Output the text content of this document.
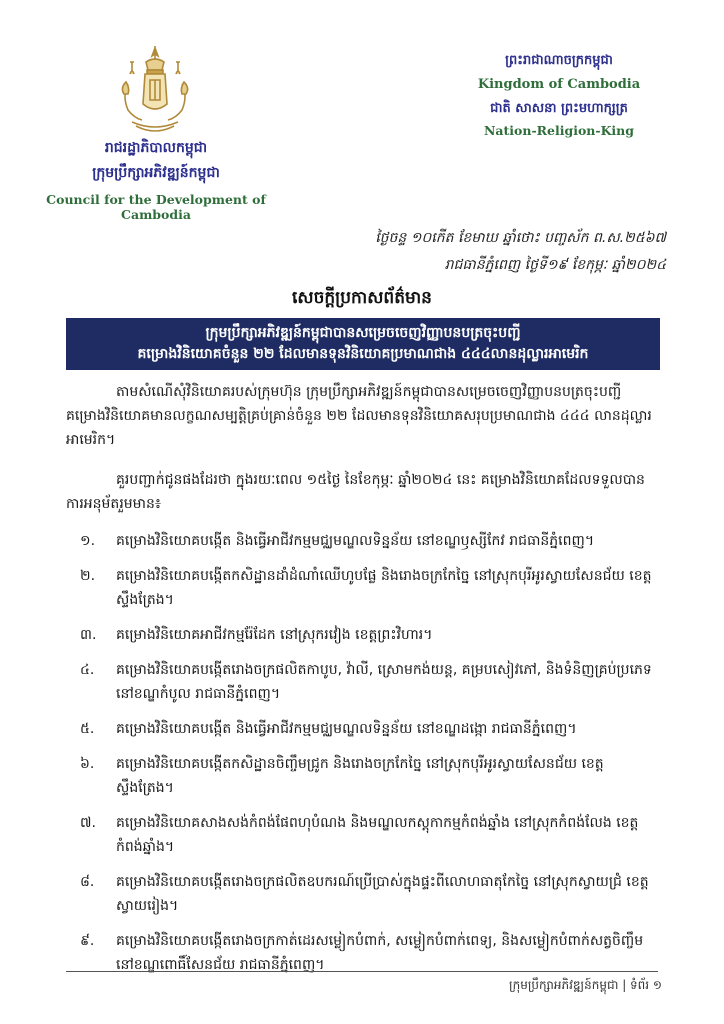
រាជរដ្ឋាភិបាលកម្ពុជា
ក្រុមប្រឹក្សាអភិវឌ្ឍន៍កម្ពុជា
Council for the Development of Cambodia
ព្រះរាជាណាចក្រកម្ពុជា
Kingdom of Cambodia
ជាតិ សាសនា ព្រះមហាក្សត្រ
Nation-Religion-King
ថ្ងៃចន្ទ ១០កើត ខែមាឃ ឆ្នាំថោះ បញ្ចស័ក ព.ស.២៥៦៧
រាជធានីភ្នំពេញ ថ្ងៃទី១៩ ខែកុម្ភៈ ឆ្នាំ២០២៤
សេចក្តីប្រកាសព័ត៌មាន
ក្រុមប្រឹក្សាអភិវឌ្ឍន៍កម្ពុជាបានសម្រេចចេញវិញ្ញាបនបត្រចុះបញ្ជី
គម្រោងវិនិយោគចំនួន ២២ ដែលមានទុនវិនិយោគប្រមាណជាង ៤៤៤លានដុល្លារអាមេរិក

តាមសំណើសុំវិនិយោគរបស់ក្រុមហ៊ុន ក្រុមប្រឹក្សាអភិវឌ្ឍន៍កម្ពុជាបានសម្រេចចេញវិញ្ញាបនបត្រចុះបញ្ជីគម្រោងវិនិយោគមានលក្ខណសម្បត្តិគ្រប់គ្រាន់ចំនួន ២២ ដែលមានទុនវិនិយោគសរុបប្រមាណជាង ៤៤៤ លានដុល្លារអាមេរិក។

គួរបញ្ជាក់ជូនផងដែរថា ក្នុងរយៈពេល ១៥ថ្ងៃ នៃខែកុម្ភៈ ឆ្នាំ២០២៤ នេះ គម្រោងវិនិយោគដែលទទួលបានការអនុម័តរួមមាន៖

១.	គម្រោងវិនិយោគបង្កើត និងធ្វើអាជីវកម្មមជ្ឈមណ្ឌលទិន្នន័យ នៅខណ្ឌឫស្សីកែវ រាជធានីភ្នំពេញ។
២.	គម្រោងវិនិយោគបង្កើតកសិដ្ឋានដាំដំណាំឈើហូបផ្លែ និងរោងចក្រកែច្នៃ នៅស្រុកបុរីអូរស្វាយសែនជ័យ ខេត្តស្ទឹងត្រែង។
៣.	គម្រោងវិនិយោគអាជីវកម្មរ៉ែដែក នៅស្រុករវៀង ខេត្តព្រះវិហារ។
៤.	គម្រោងវិនិយោគបង្កើតរោងចក្រផលិតកាបូប, វ៉ាលី, ស្រោមកង់យន្ត, គម្របសៀវភៅ, និងទំនិញគ្រប់ប្រភេទ នៅខណ្ឌកំបូល រាជធានីភ្នំពេញ។
៥.	គម្រោងវិនិយោគបង្កើត និងធ្វើអាជីវកម្មមជ្ឈមណ្ឌលទិន្នន័យ នៅខណ្ឌដង្កោ រាជធានីភ្នំពេញ។
៦.	គម្រោងវិនិយោគបង្កើតកសិដ្ឋានចិញ្ចឹមជ្រូក និងរោងចក្រកែច្នៃ នៅស្រុកបុរីអូរស្វាយសែនជ័យ ខេត្តស្ទឹងត្រែង។
៧.	គម្រោងវិនិយោគសាងសង់កំពង់ផែពហុបំណង និងមណ្ឌលកស្តុកាកម្មកំពង់ឆ្នាំង នៅស្រុកកំពង់លែង ខេត្តកំពង់ឆ្នាំង។
៨.	គម្រោងវិនិយោគបង្កើតរោងចក្រផលិតឧបករណ៍ប្រើប្រាស់ក្នុងផ្ទះពីលោហធាតុកែច្នៃ នៅស្រុកស្វាយជ្រំ ខេត្តស្វាយរៀង។
៩.	គម្រោងវិនិយោគបង្កើតរោងចក្រកាត់ដេរសម្លៀកបំពាក់, សម្លៀកបំពាក់ពេទ្យ, និងសម្លៀកបំពាក់សត្វចិញ្ចឹម នៅខណ្ឌពោធិ៍សែនជ័យ រាជធានីភ្នំពេញ។
ក្រុមប្រឹក្សាអភិវឌ្ឍន៍កម្ពុជា | ទំព័រ ១
